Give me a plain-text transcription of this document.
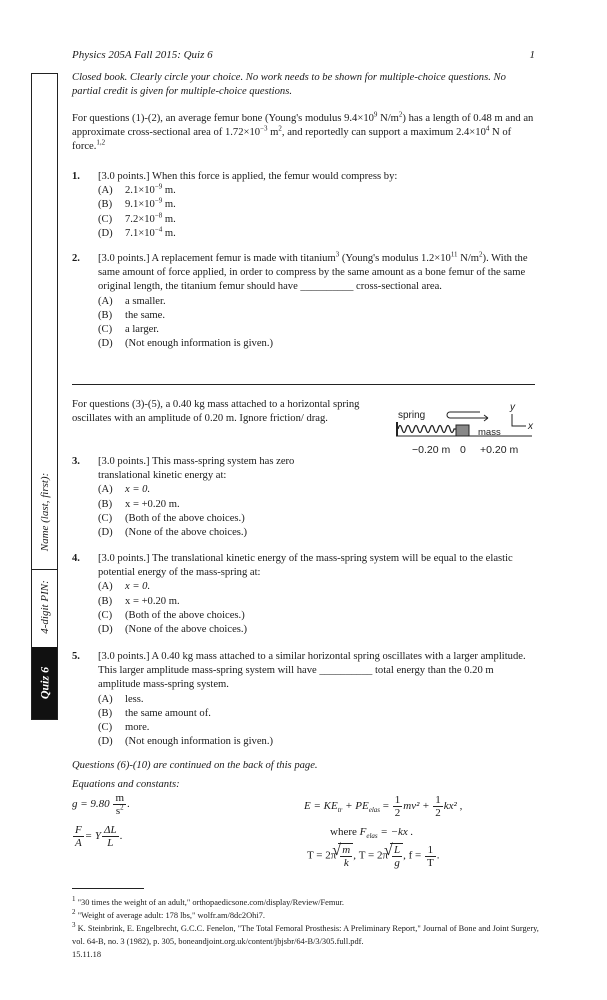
Physics 205A Fall 2015: Quiz 6	1
Name (last, first):
4-digit PIN:
Quiz 6
Closed book. Clearly circle your choice. No work needs to be shown for multiple-choice questions. No partial credit is given for multiple-choice questions.
For questions (1)-(2), an average femur bone (Young's modulus $9.4\times 10^9$ $N/m^2$) has a length of 0.48 m and an approximate cross-sectional area of $1.72\times 10^{-3}$ $m^2$, and reportedly can support a maximum $2.4\times 10^4$ N of force.$^{1,2}$
1. [3.0 points.] When this force is applied, the femur would compress by:
(A)	$2.1\times 10^{-9}$ m.
(B)	$9.1\times 10^{-9}$ m.
(C)	$7.2\times 10^{-8}$ m.
(D)	$7.1\times 10^{-4}$ m.
2. [3.0 points.] A replacement femur is made with titanium$^3$ (Young's modulus $1.2\times 10^{11}$ $N/m^2$). With the same amount of force applied, in order to compress by the same amount as a bone femur of the same original length, the titanium femur should have __________ cross-sectional area.
(A)	a smaller.
(B)	the same.
(C)	a larger.
(D)	(Not enough information is given.)
For questions (3)-(5), a 0.40 kg mass attached to a horizontal spring oscillates with an amplitude of 0.20 m. Ignore friction/ drag.	spring
y
x
mass
−0.20 m 0 +0.20 m
3. [3.0 points.] This mass-spring system has zero translational kinetic energy at:
(A)	x = 0.
(B)	x = +0.20 m.
(C)	(Both of the above choices.)
(D)	(None of the above choices.)
4. [3.0 points.] The translational kinetic energy of the mass-spring system will be equal to the elastic potential energy of the mass-spring at:
(A)	x = 0.
(B)	x = +0.20 m.
(C)	(Both of the above choices.)
(D)	(None of the above choices.)
5. [3.0 points.] A 0.40 kg mass attached to a similar horizontal spring oscillates with a larger amplitude. This larger amplitude mass-spring system will have __________ total energy than the 0.20 m amplitude mass-spring system.
(A)	less.
(B)	the same amount of.
(C)	more.
(D)	(Not enough information is given.)
Questions (6)-(10) are continued on the back of this page.
Equations and constants:
$g = 9.80 \frac{m}{s^2}$ .
$\frac{F}{A} = Y \frac{\Delta L}{L}$ .
$E = KE_{tr} + PE_{elas} = \frac{1}{2} mv^2 + \frac{1}{2} kx^2$ ,
where $F_{elas} = -kx$ .
T = 2π
√ $\frac{m}{k}$ , T = 2π
√ $\frac{L}{g}$ , $f = \frac{1}{T}$ .
$^1$ "30 times the weight of an adult," orthopaedicsone.com/display/Review/Femur.
$^2$ "Weight of average adult: 178 lbs," wolfr.am/8dc2Ohi7.
$^3$ K. Steinbrink, E. Engelbrecht, G.C.C. Fenelon, "The Total Femoral Prosthesis: A Preliminary Report," Journal of Bone and Joint Surgery, vol. 64-B, no. 3 (1982), p. 305, boneandjoint.org.uk/content/jbjsbr/64-B/3/305.full.pdf.
15.11.18
